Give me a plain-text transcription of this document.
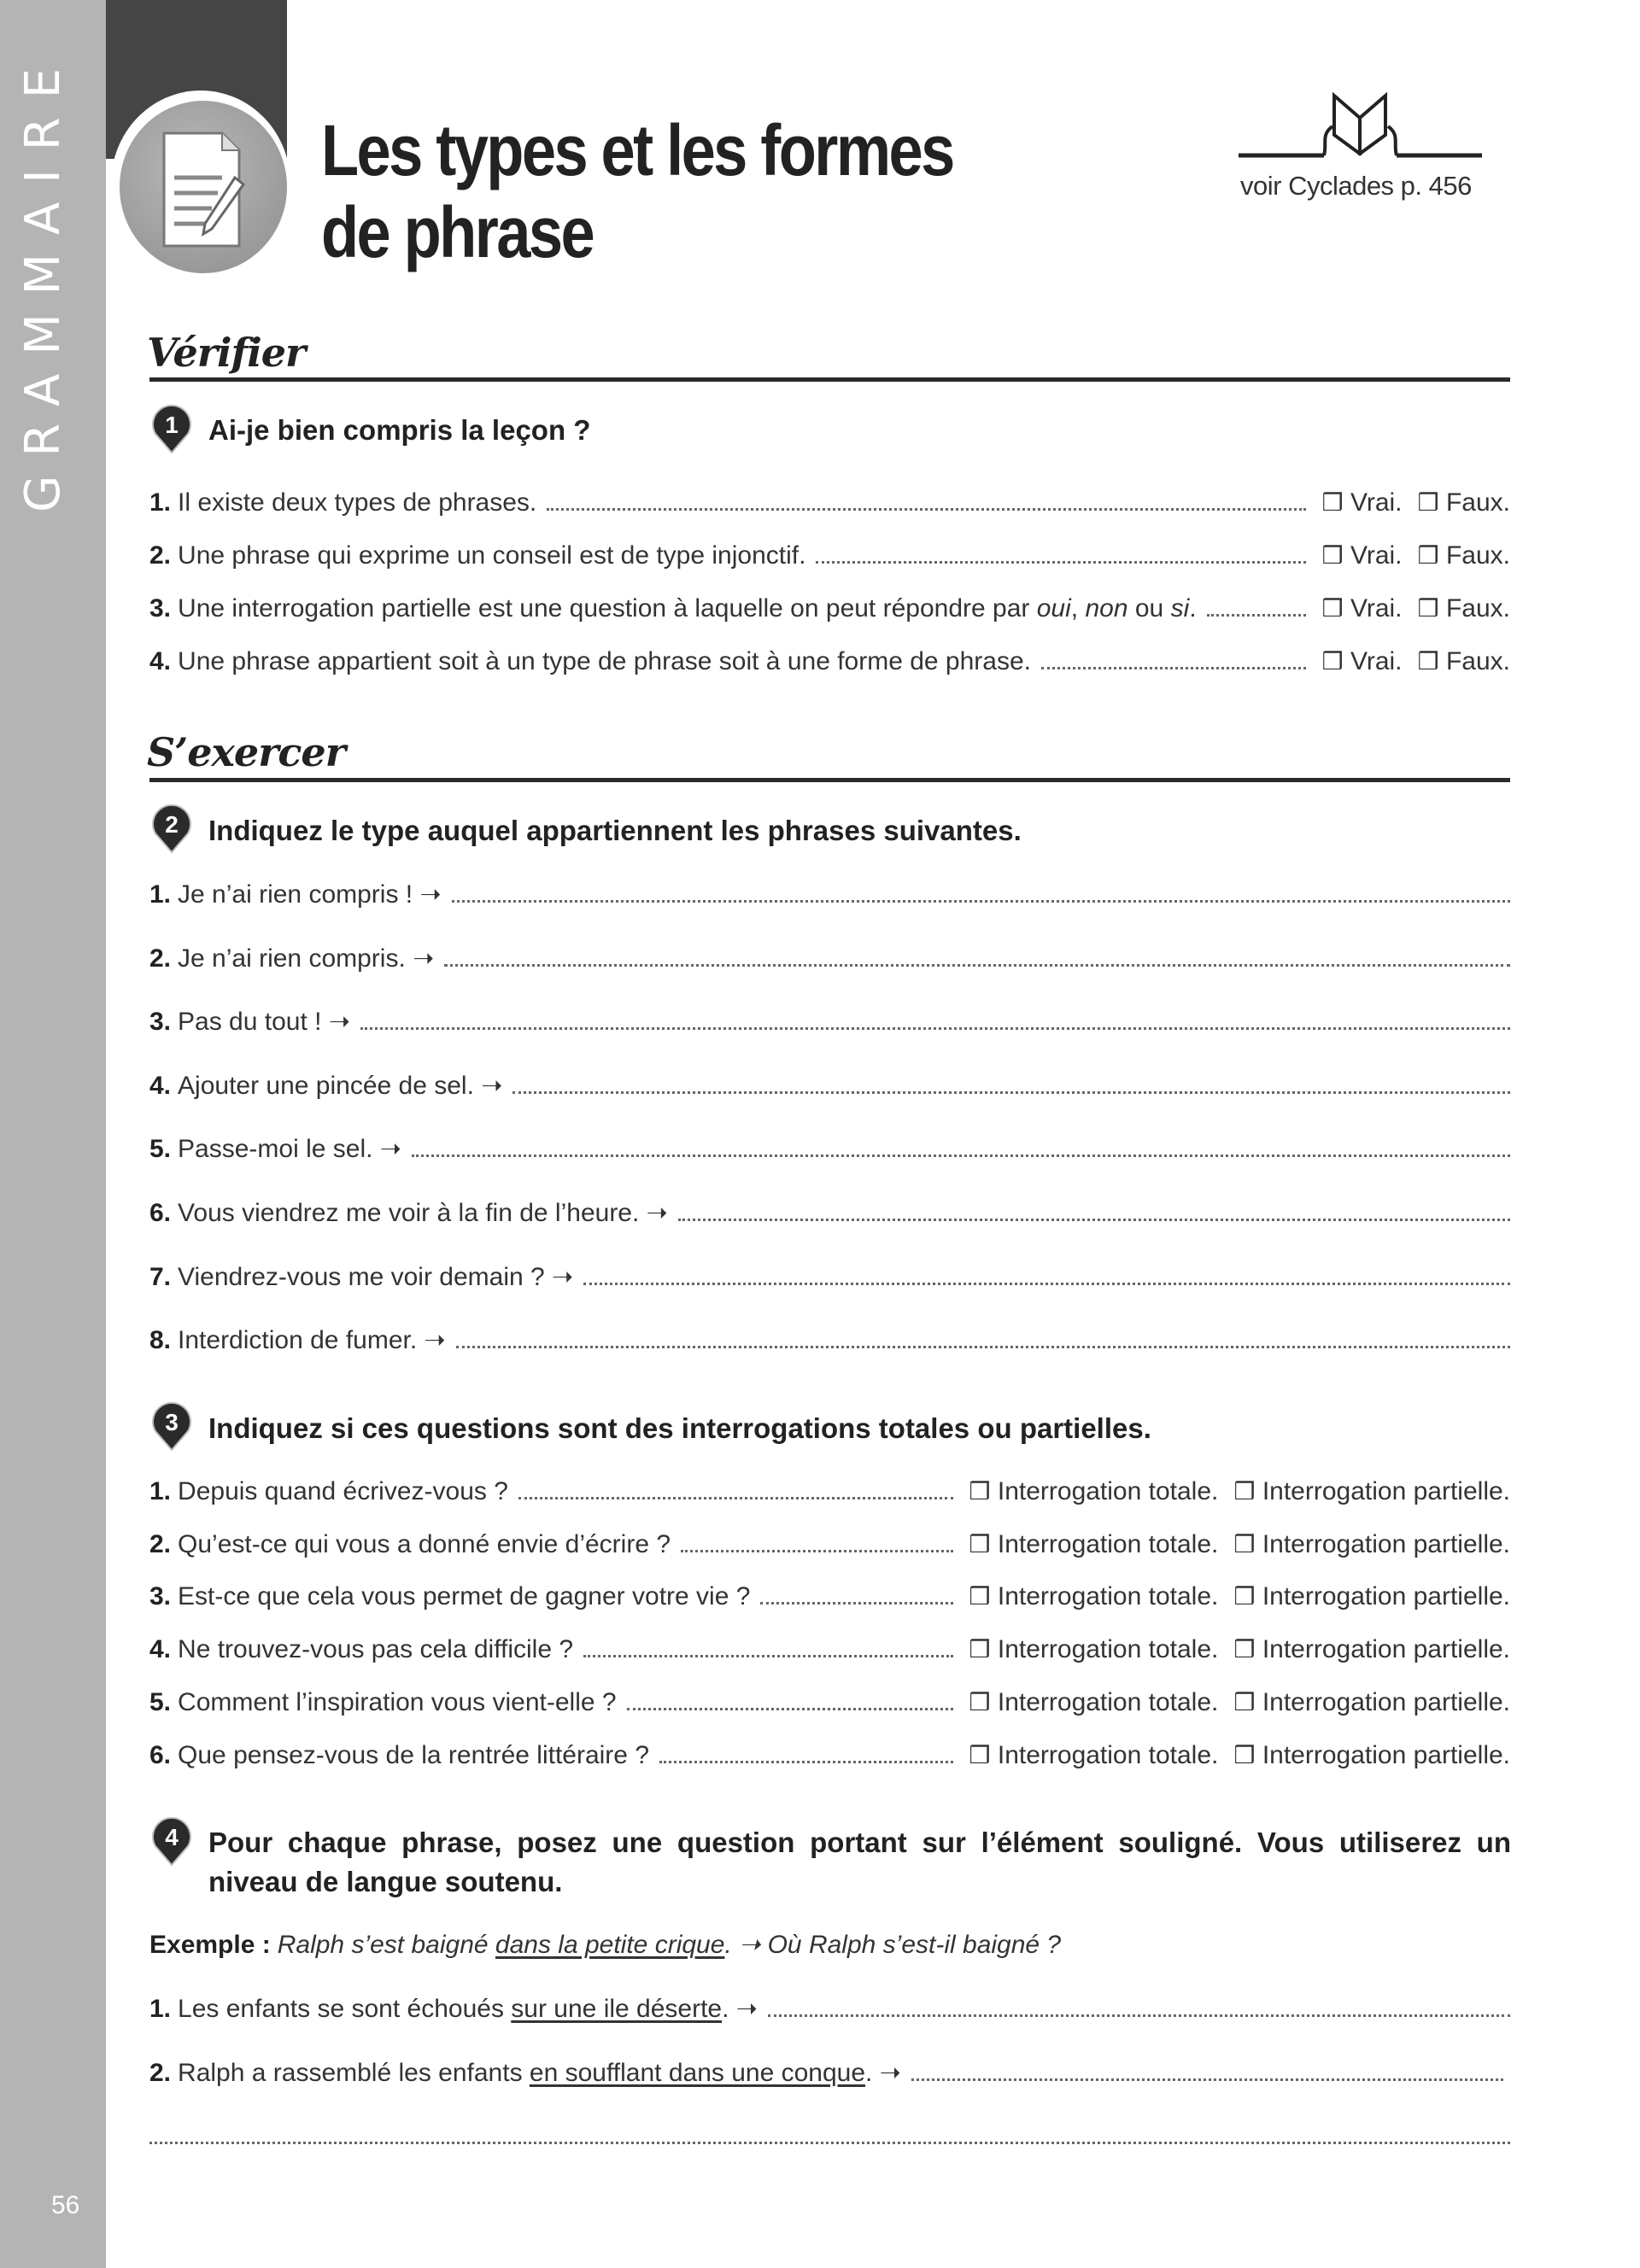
GRAMMAIRE
56
Les types et les formes
de phrase
voir Cyclades p. 456
Vérifier
1 Ai-je bien compris la leçon ?
1. Il existe deux types de phrases.	❒ Vrai. ❒ Faux.
2. Une phrase qui exprime un conseil est de type injonctif.	❒ Vrai. ❒ Faux.
3. Une interrogation partielle est une question à laquelle on peut répondre par oui, non ou si.	❒ Vrai. ❒ Faux.
4. Une phrase appartient soit à un type de phrase soit à une forme de phrase.	❒ Vrai. ❒ Faux.
S’exercer
2 Indiquez le type auquel appartiennent les phrases suivantes.
1. Je n’ai rien compris !
➝
2. Je n’ai rien compris.
➝
3. Pas du tout !
➝
4. Ajouter une pincée de sel.
➝
5. Passe-moi le sel.
➝
6. Vous viendrez me voir à la fin de l’heure.
➝
7. Viendrez-vous me voir demain ?
➝
8. Interdiction de fumer.
➝
3 Indiquez si ces questions sont des interrogations totales ou partielles.
1. Depuis quand écrivez-vous ?	❒ Interrogation totale. ❒ Interrogation partielle.
2. Qu’est-ce qui vous a donné envie d’écrire ?	❒ Interrogation totale. ❒ Interrogation partielle.
3. Est-ce que cela vous permet de gagner votre vie ?	❒ Interrogation totale. ❒ Interrogation partielle.
4. Ne trouvez-vous pas cela difficile ?	❒ Interrogation totale. ❒ Interrogation partielle.
5. Comment l’inspiration vous vient-elle ?	❒ Interrogation totale. ❒ Interrogation partielle.
6. Que pensez-vous de la rentrée littéraire ?	❒ Interrogation totale. ❒ Interrogation partielle.
4 Pour chaque phrase, posez une question portant sur l’élément souligné. Vous utiliserez un niveau de langue soutenu.
Exemple : Ralph s’est baigné dans la petite crique. ➝ Où Ralph s’est-il baigné ?
1. Les enfants se sont échoués sur une ile déserte. ➝
2. Ralph a rassemblé les enfants en soufflant dans une conque. ➝
